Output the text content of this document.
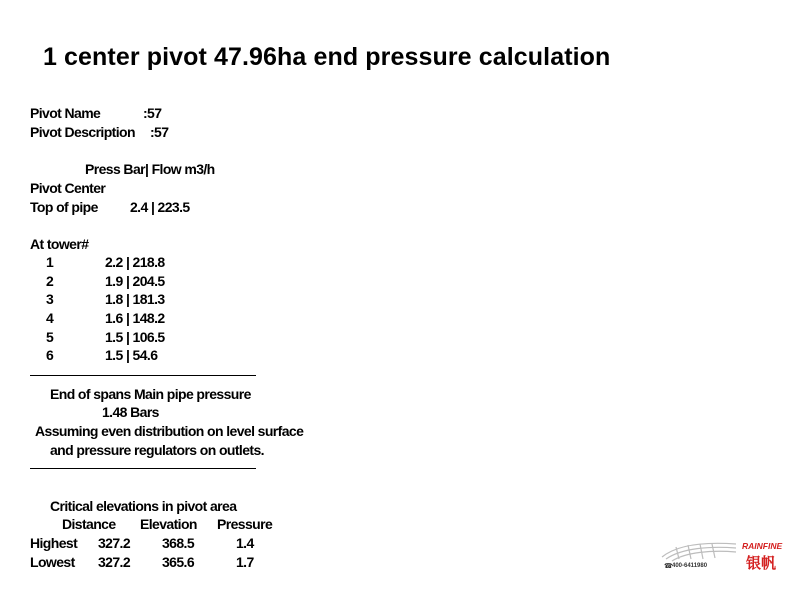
1 center pivot 47.96ha end pressure calculation
Pivot Name	:57
Pivot Description :57
Press Bar| Flow m3/h
Pivot Center
Top of pipe 2.4 | 223.5
At tower#
1	2.2 | 218.8
2	1.9 | 204.5
3	1.8 | 181.3
4	1.6 | 148.2
5	1.5 | 106.5
6	1.5 | 54.6
End of spans Main pipe pressure
1.48 Bars
Assuming even distribution on level surface
and pressure regulators on outlets.
Critical elevations in pivot area
Distance Elevation Pressure
Highest 327.2 368.5	1.4
Lowest 327.2 365.6	1.7
RAINFINE
银帆
☎ 400-6411980
